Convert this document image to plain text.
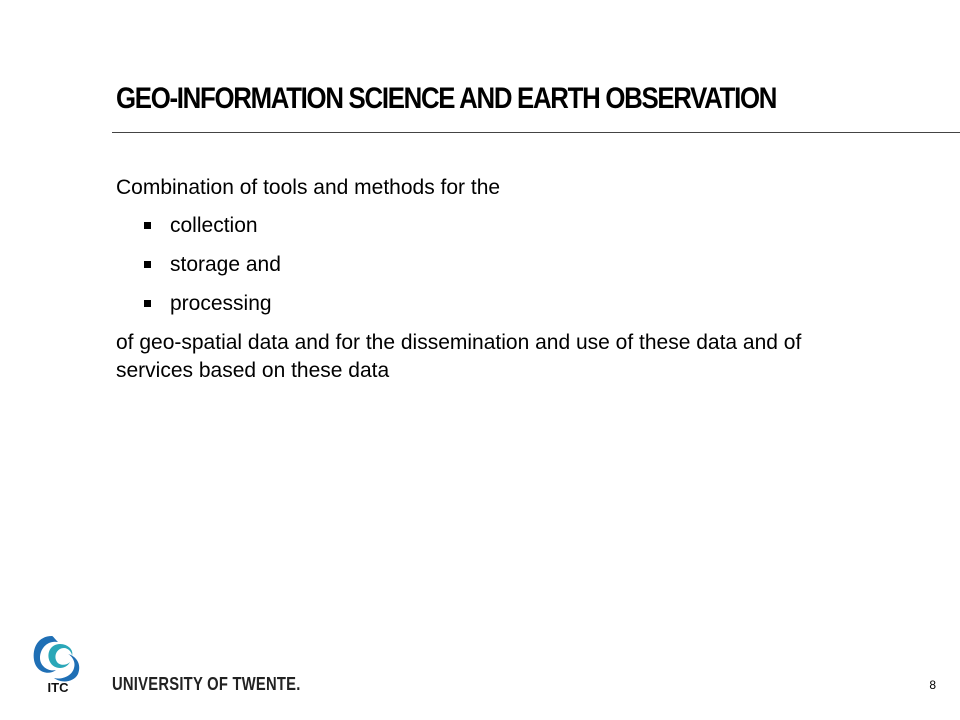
GEO-INFORMATION SCIENCE AND EARTH OBSERVATION

Combination of tools and methods for the

collection
storage and
processing

of geo-spatial data and for the dissemination and use of these data and of services based on these data

ITC UNIVERSITY OF TWENTE.	8
